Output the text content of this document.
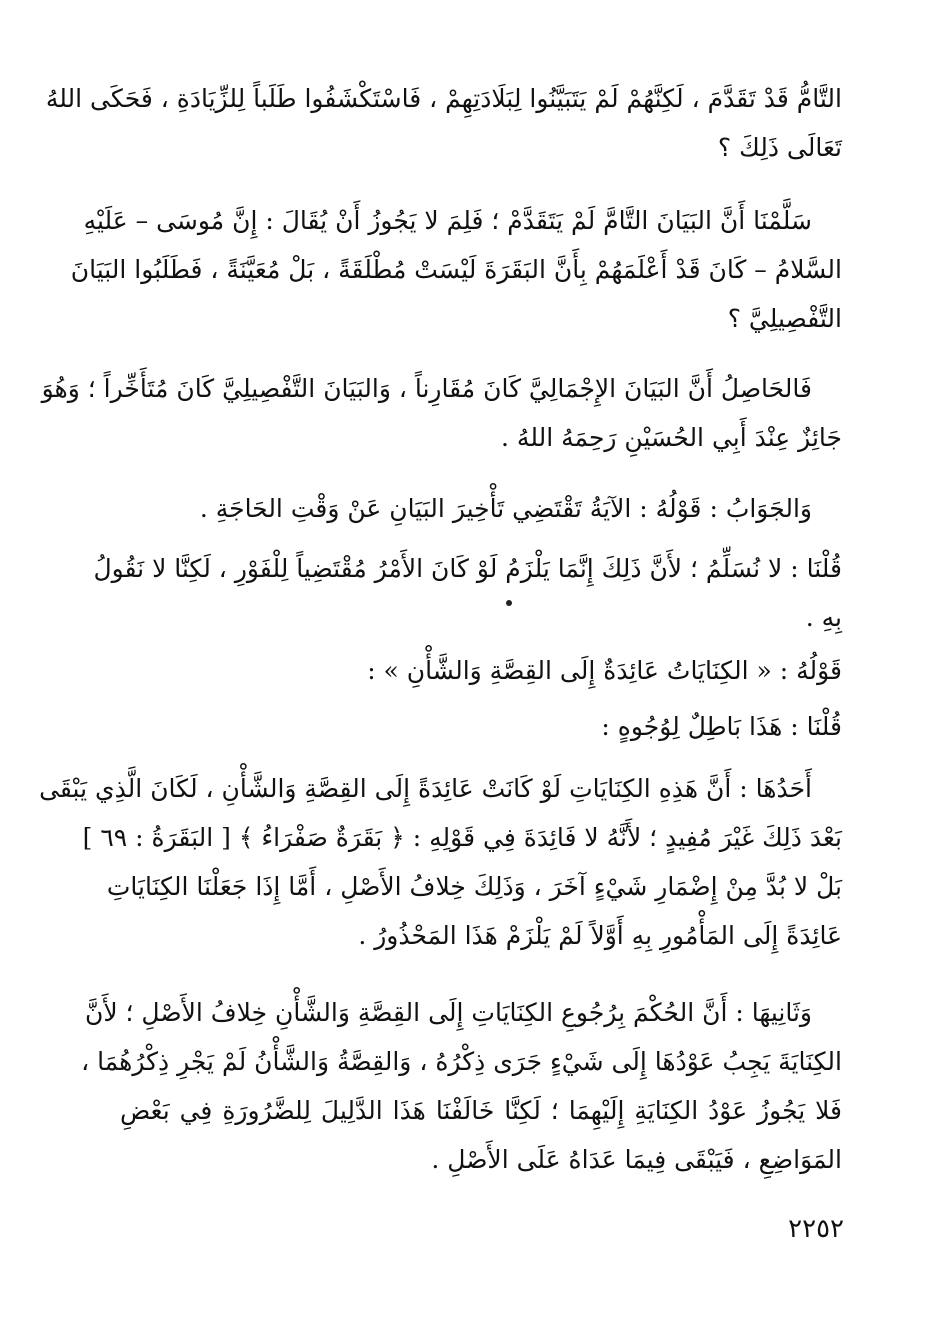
التَّامُّ قَدْ تَقَدَّمَ ، لَكِنَّهُمْ لَمْ يَتَبَيَّنُوا لِبَلَادَتِهِمْ ، فَاسْتَكْشَفُوا طَلَباً لِلزِّيَادَةِ ، فَحَكَى اللهُ
تَعَالَى ذَلِكَ ؟
سَلَّمْنَا أَنَّ البَيَانَ التَّامَّ لَمْ يَتَقَدَّمْ ؛ فَلِمَ لا يَجُوزُ أَنْ يُقَالَ : إِنَّ مُوسَى – عَلَيْهِ
السَّلامُ – كَانَ قَدْ أَعْلَمَهُمْ بِأَنَّ البَقَرَةَ لَيْسَتْ مُطْلَقَةً ، بَلْ مُعَيَّنَةً ، فَطَلَبُوا البَيَانَ
التَّفْصِيلِيَّ ؟
فَالحَاصِلُ أَنَّ البَيَانَ الإِجْمَالِيَّ كَانَ مُقَارِناً ، وَالبَيَانَ التَّفْصِيلِيَّ كَانَ مُتَأَخِّراً ؛ وَهُوَ
جَائِزٌ عِنْدَ أَبِي الحُسَيْنِ رَحِمَهُ اللهُ .
وَالجَوَابُ : قَوْلُهُ : الآيَةُ تَقْتَضِي تَأْخِيرَ البَيَانِ عَنْ وَقْتِ الحَاجَةِ .
قُلْنَا : لا نُسَلِّمُ ؛ لأَنَّ ذَلِكَ إِنَّمَا يَلْزَمُ لَوْ كَانَ الأَمْرُ مُقْتَضِياً لِلْفَوْرِ ، لَكِنَّا لا نَقُولُ
بِهِ .
قَوْلُهُ : « الكِنَايَاتُ عَائِدَةٌ إِلَى القِصَّةِ وَالشَّأْنِ » :
قُلْنَا : هَذَا بَاطِلٌ لِوُجُوهٍ :
أَحَدُهَا : أَنَّ هَذِهِ الكِنَايَاتِ لَوْ كَانَتْ عَائِدَةً إِلَى القِصَّةِ وَالشَّأْنِ ، لَكَانَ الَّذِي يَبْقَى
بَعْدَ ذَلِكَ غَيْرَ مُفِيدٍ ؛ لأَنَّهُ لا فَائِدَةَ فِي قَوْلِهِ : ﴿ بَقَرَةٌ صَفْرَاءُ ﴾ [ البَقَرَةُ : ٦٩ ]
بَلْ لا بُدَّ مِنْ إِضْمَارِ شَيْءٍ آخَرَ ، وَذَلِكَ خِلافُ الأَصْلِ ، أَمَّا إِذَا جَعَلْنَا الكِنَايَاتِ
عَائِدَةً إِلَى المَأْمُورِ بِهِ أَوَّلاً لَمْ يَلْزَمْ هَذَا المَحْذُورُ .
وَثَانِيهَا : أَنَّ الحُكْمَ بِرُجُوعِ الكِنَايَاتِ إِلَى القِصَّةِ وَالشَّأْنِ خِلافُ الأَصْلِ ؛ لأَنَّ
الكِنَايَةَ يَجِبُ عَوْدُهَا إِلَى شَيْءٍ جَرَى ذِكْرُهُ ، وَالقِصَّةُ وَالشَّأْنُ لَمْ يَجْرِ ذِكْرُهُمَا ،
فَلا يَجُوزُ عَوْدُ الكِنَايَةِ إِلَيْهِمَا ؛ لَكِنَّا خَالَفْنَا هَذَا الدَّلِيلَ لِلضَّرُورَةِ فِي بَعْضِ
المَوَاضِعِ ، فَيَبْقَى فِيمَا عَدَاهُ عَلَى الأَصْلِ .
٢٢٥٢
